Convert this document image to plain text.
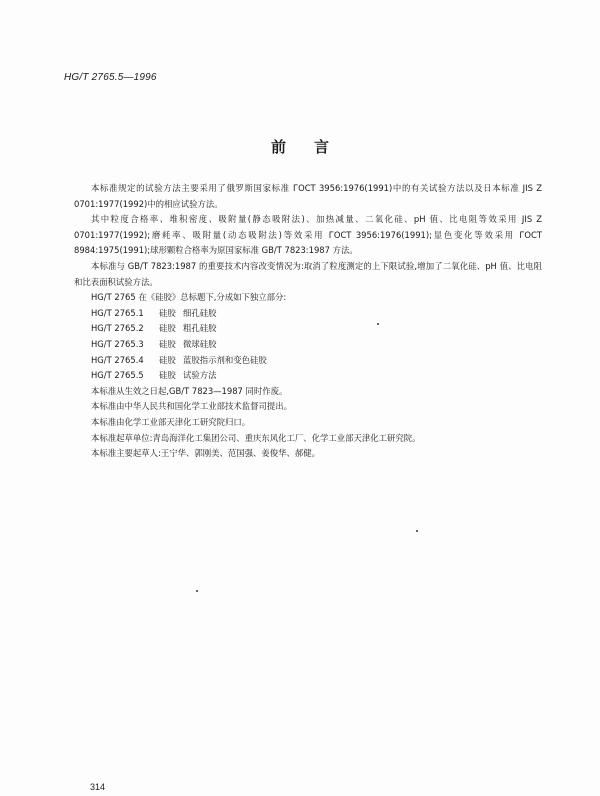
HG/T 2765.5—1996
前言

本标准规定的试验方法主要采用了俄罗斯国家标准 ГОСТ 3956:1976(1991)中的有关试验方法以及日本标准 JIS Z 0701:1977(1992)中的相应试验方法。

其中粒度合格率、堆积密度、吸附量(静态吸附法)、加热减量、二氧化硅、pH 值、比电阻等效采用 JIS Z 0701:1977(1992);磨耗率、吸附量(动态吸附法)等效采用 ГОСТ 3956:1976(1991);显色变化等效采用 ГОСТ 8984:1975(1991);球形颗粒合格率为原国家标准 GB/T 7823:1987 方法。

本标准与 GB/T 7823:1987 的重要技术内容改变情况为:取消了粒度测定的上下限试验,增加了二氧化硅、pH 值、比电阻和比表面积试验方法。

HG/T 2765 在《硅胶》总标题下,分成如下独立部分:

HG/T 2765.1 硅胶 细孔硅胶
HG/T 2765.2 硅胶 粗孔硅胶
HG/T 2765.3 硅胶 微球硅胶
HG/T 2765.4 硅胶 蓝胶指示剂和变色硅胶
HG/T 2765.5 硅胶 试验方法

本标准从生效之日起,GB/T 7823—1987 同时作废。

本标准由中华人民共和国化学工业部技术监督司提出。

本标准由化学工业部天津化工研究院归口。

本标准起草单位:青岛海洋化工集团公司、重庆东风化工厂、化学工业部天津化工研究院。

本标准主要起草人:王宁华、郭刚美、范国强、姜俊华、郝健。

314
